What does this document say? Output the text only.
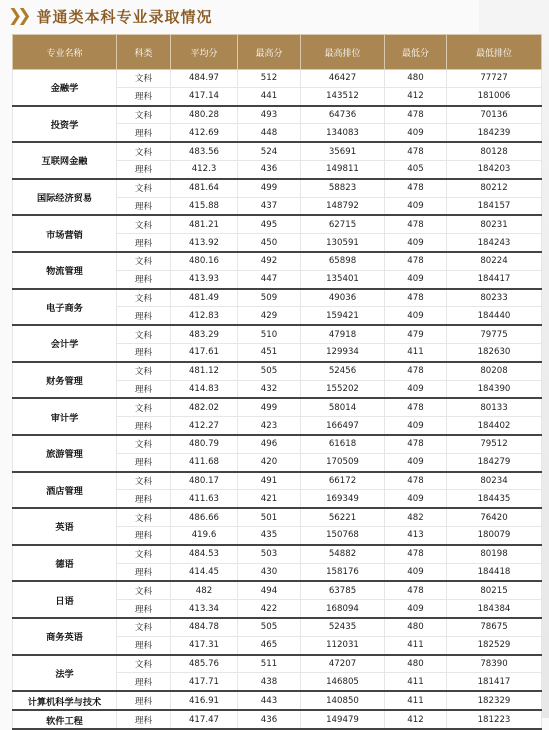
❯❯ 普通类本科专业录取情况
专业名称	科类	平均分	最高分	最高排位	最低分	最低排位
金融学	文科	484.97	512	46427	480	77727
	理科	417.14	441	143512	412	181006
投资学	文科	480.28	493	64736	478	70136
	理科	412.69	448	134083	409	184239
互联网金融	文科	483.56	524	35691	478	80128
	理科	412.3	436	149811	405	184203
国际经济贸易	文科	481.64	499	58823	478	80212
	理科	415.88	437	148792	409	184157
市场营销	文科	481.21	495	62715	478	80231
	理科	413.92	450	130591	409	184243
物流管理	文科	480.16	492	65898	478	80224
	理科	413.93	447	135401	409	184417
电子商务	文科	481.49	509	49036	478	80233
	理科	412.83	429	159421	409	184440
会计学	文科	483.29	510	47918	479	79775
	理科	417.61	451	129934	411	182630
财务管理	文科	481.12	505	52456	478	80208
	理科	414.83	432	155202	409	184390
审计学	文科	482.02	499	58014	478	80133
	理科	412.27	423	166497	409	184402
旅游管理	文科	480.79	496	61618	478	79512
	理科	411.68	420	170509	409	184279
酒店管理	文科	480.17	491	66172	478	80234
	理科	411.63	421	169349	409	184435
英语	文科	486.66	501	56221	482	76420
	理科	419.6	435	150768	413	180079
德语	文科	484.53	503	54882	478	80198
	理科	414.45	430	158176	409	184418
日语	文科	482	494	63785	478	80215
	理科	413.34	422	168094	409	184384
商务英语	文科	484.78	505	52435	480	78675
	理科	417.31	465	112031	411	182529
法学	文科	485.76	511	47207	480	78390
	理科	417.71	438	146805	411	181417
计算机科学与技术	理科	416.91	443	140850	411	182329
软件工程	理科	417.47	436	149479	412	181223
